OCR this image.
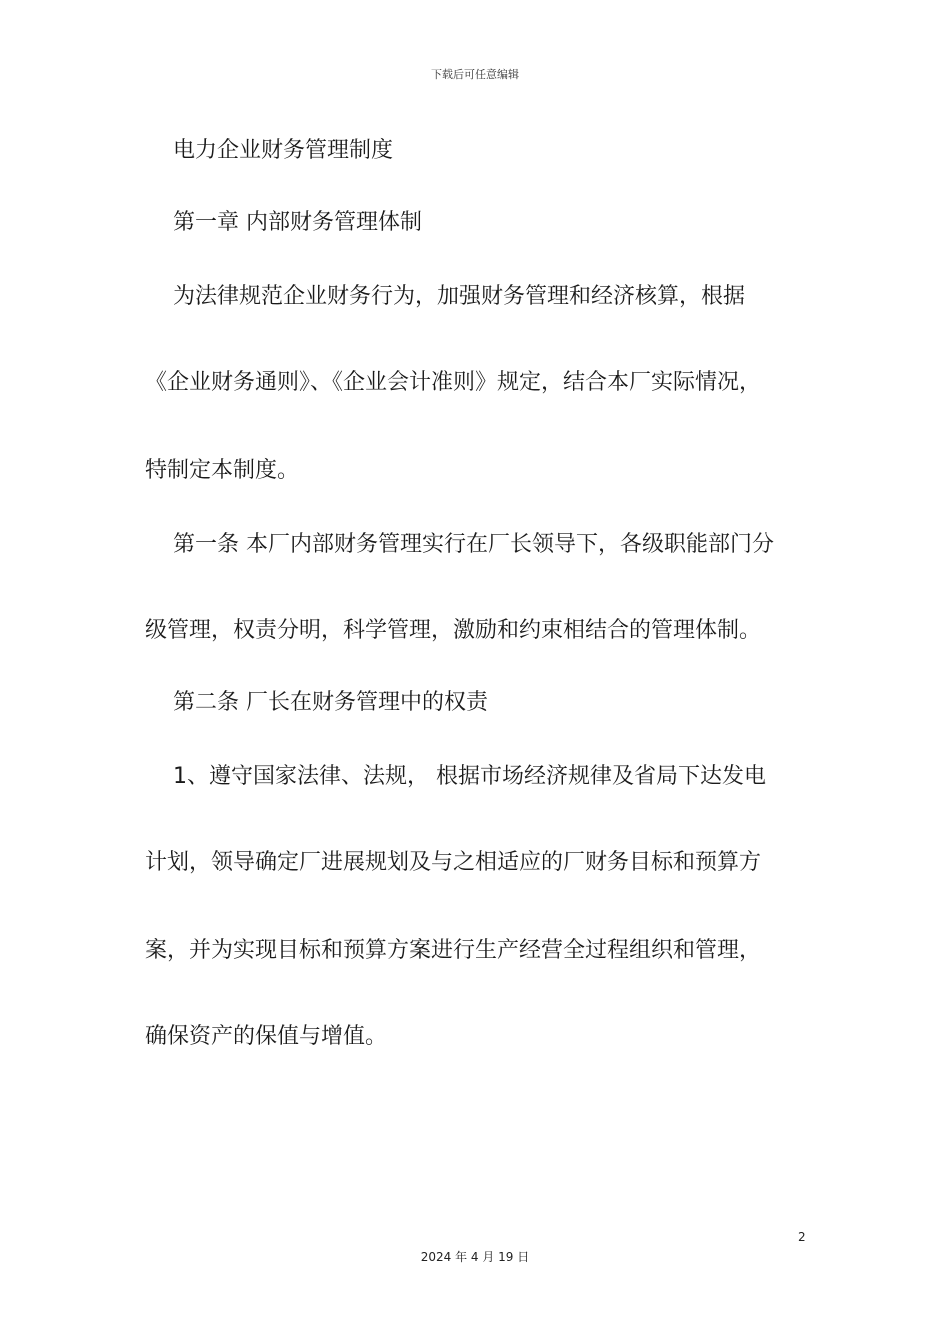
下载后可任意编辑
电力企业财务管理制度
第一章 内部财务管理体制
为法律规范企业财务行为，加强财务管理和经济核算，根据
《企业财务通则》、《企业会计准则》规定，结合本厂实际情况，
特制定本制度。
第一条 本厂内部财务管理实行在厂长领导下，各级职能部门分
级管理，权责分明，科学管理，激励和约束相结合的管理体制。
第二条 厂长在财务管理中的权责
1、遵守国家法律、法规， 根据市场经济规律及省局下达发电
计划，领导确定厂进展规划及与之相适应的厂财务目标和预算方
案，并为实现目标和预算方案进行生产经营全过程组织和管理，
确保资产的保值与增值。
2
2024 年 4 月 19 日
